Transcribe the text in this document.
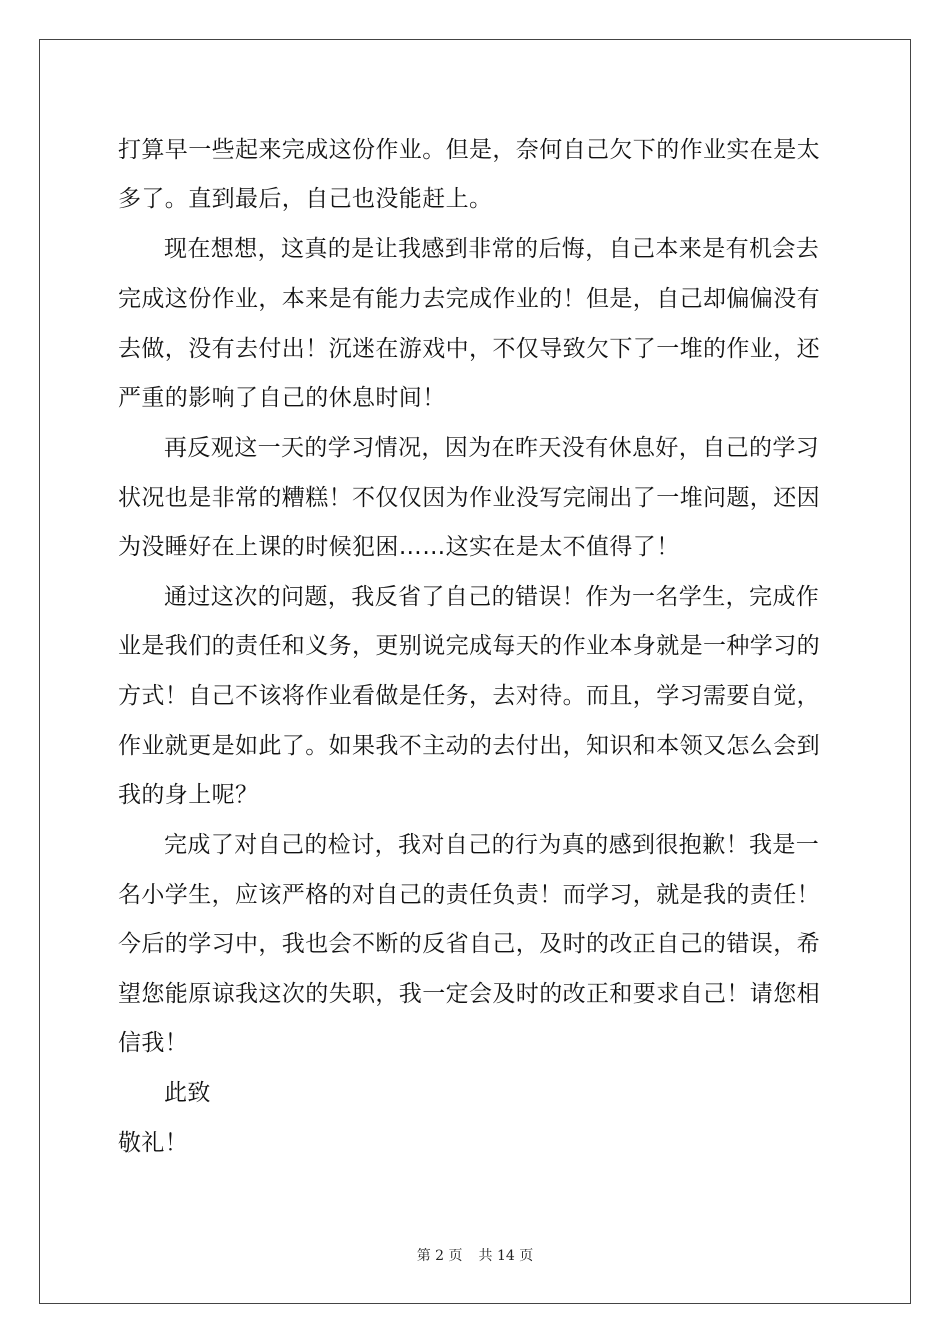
打算早一些起来完成这份作业。但是，奈何自己欠下的作业实在是太
多了。直到最后，自己也没能赶上。
现在想想，这真的是让我感到非常的后悔，自己本来是有机会去
完成这份作业，本来是有能力去完成作业的！但是，自己却偏偏没有
去做，没有去付出！沉迷在游戏中，不仅导致欠下了一堆的作业，还
严重的影响了自己的休息时间！
再反观这一天的学习情况，因为在昨天没有休息好，自己的学习
状况也是非常的糟糕！不仅仅因为作业没写完闹出了一堆问题，还因
为没睡好在上课的时候犯困……这实在是太不值得了！
通过这次的问题，我反省了自己的错误！作为一名学生，完成作
业是我们的责任和义务，更别说完成每天的作业本身就是一种学习的
方式！自己不该将作业看做是任务，去对待。而且，学习需要自觉，
作业就更是如此了。如果我不主动的去付出，知识和本领又怎么会到
我的身上呢？
完成了对自己的检讨，我对自己的行为真的感到很抱歉！我是一
名小学生，应该严格的对自己的责任负责！而学习，就是我的责任！
今后的学习中，我也会不断的反省自己，及时的改正自己的错误，希
望您能原谅我这次的失职，我一定会及时的改正和要求自己！请您相
信我！
此致
敬礼！
第 2 页 共 14 页
